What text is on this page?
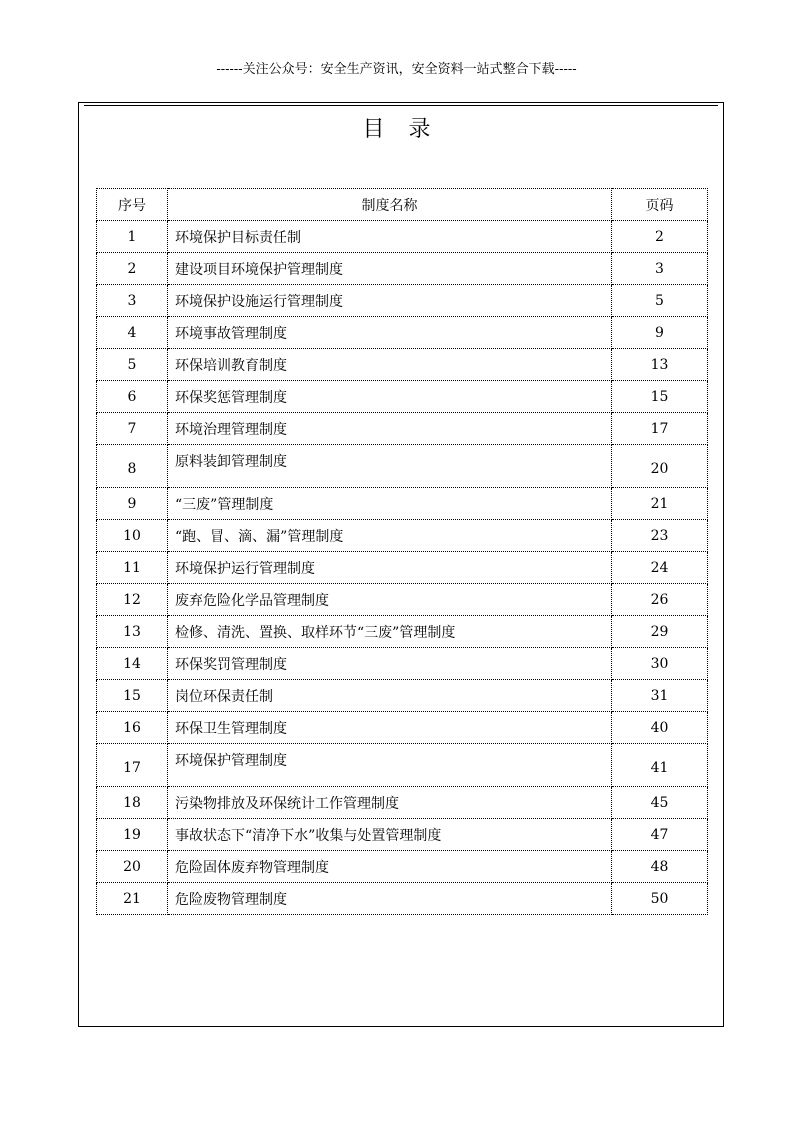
------关注公众号：安全生产资讯，安全资料一站式整合下载-----
目录
序号	制度名称	页码
1	环境保护目标责任制	2
2	建设项目环境保护管理制度	3
3	环境保护设施运行管理制度	5
4	环境事故管理制度	9
5	环保培训教育制度	13
6	环保奖惩管理制度	15
7	环境治理管理制度	17
8	原料装卸管理制度	20
9	“三废”管理制度	21
10	“跑、冒、滴、漏”管理制度	23
11	环境保护运行管理制度	24
12	废弃危险化学品管理制度	26
13	检修、清洗、置换、取样环节“三废”管理制度	29
14	环保奖罚管理制度	30
15	岗位环保责任制	31
16	环保卫生管理制度	40
17	环境保护管理制度	41
18	污染物排放及环保统计工作管理制度	45
19	事故状态下“清净下水”收集与处置管理制度	47
20	危险固体废弃物管理制度	48
21	危险废物管理制度	50
